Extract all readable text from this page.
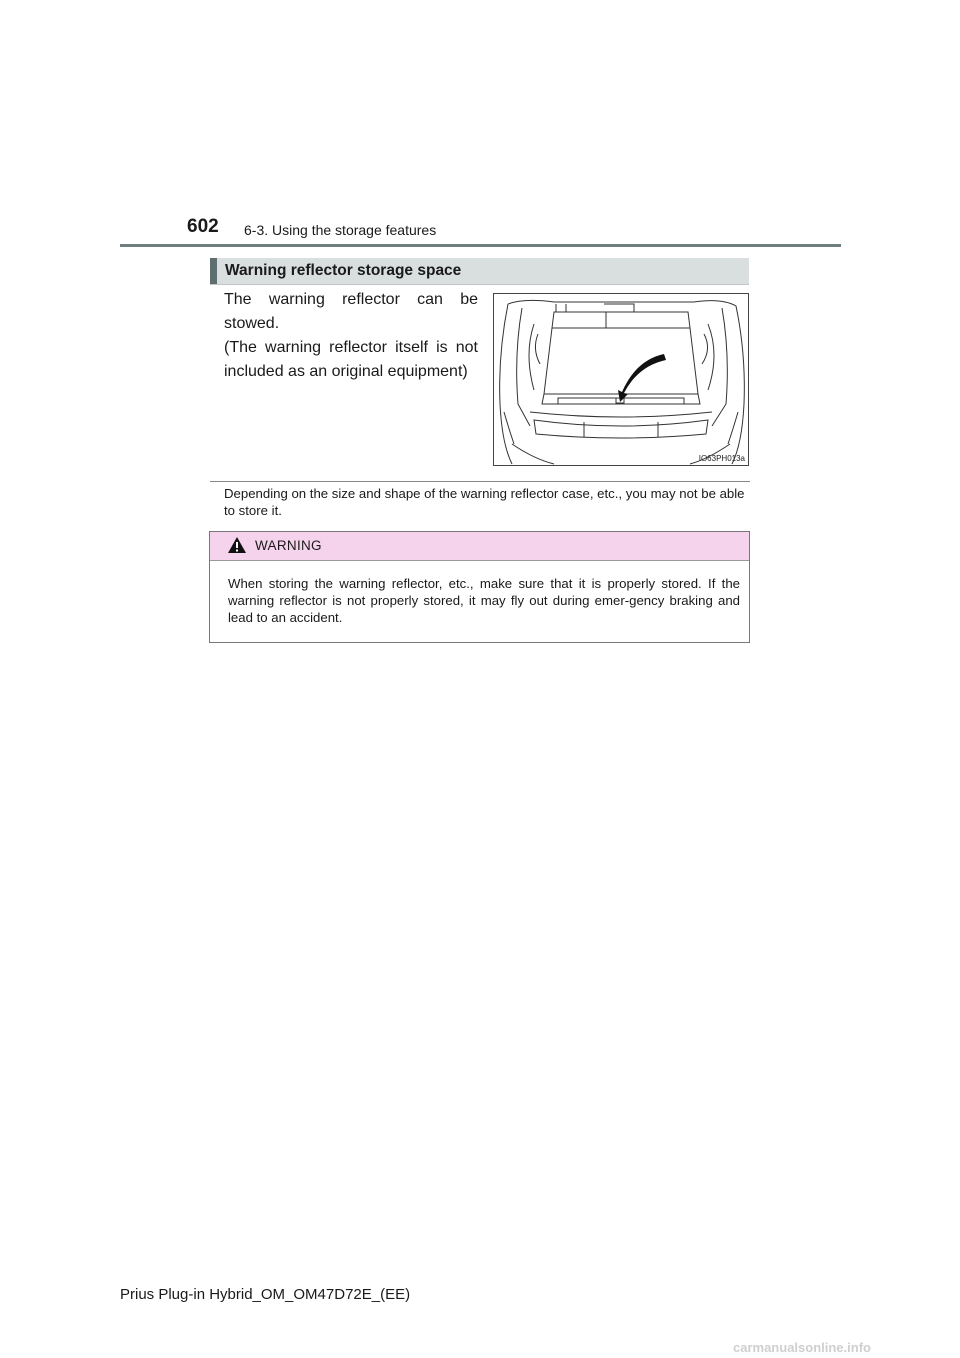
602 6-3. Using the storage features
Warning reflector storage space

The warning reflector can be stowed.

(The warning reflector itself is not included as an original equipment)

IO63PH013a
Depending on the size and shape of the warning reflector case, etc., you may not be able to store it.
WARNING
When storing the warning reflector, etc., make sure that it is properly stored. If the warning reflector is not properly stored, it may fly out during emer-gency braking and lead to an accident.
Prius Plug-in Hybrid_OM_OM47D72E_(EE)
carmanualsonline.info
